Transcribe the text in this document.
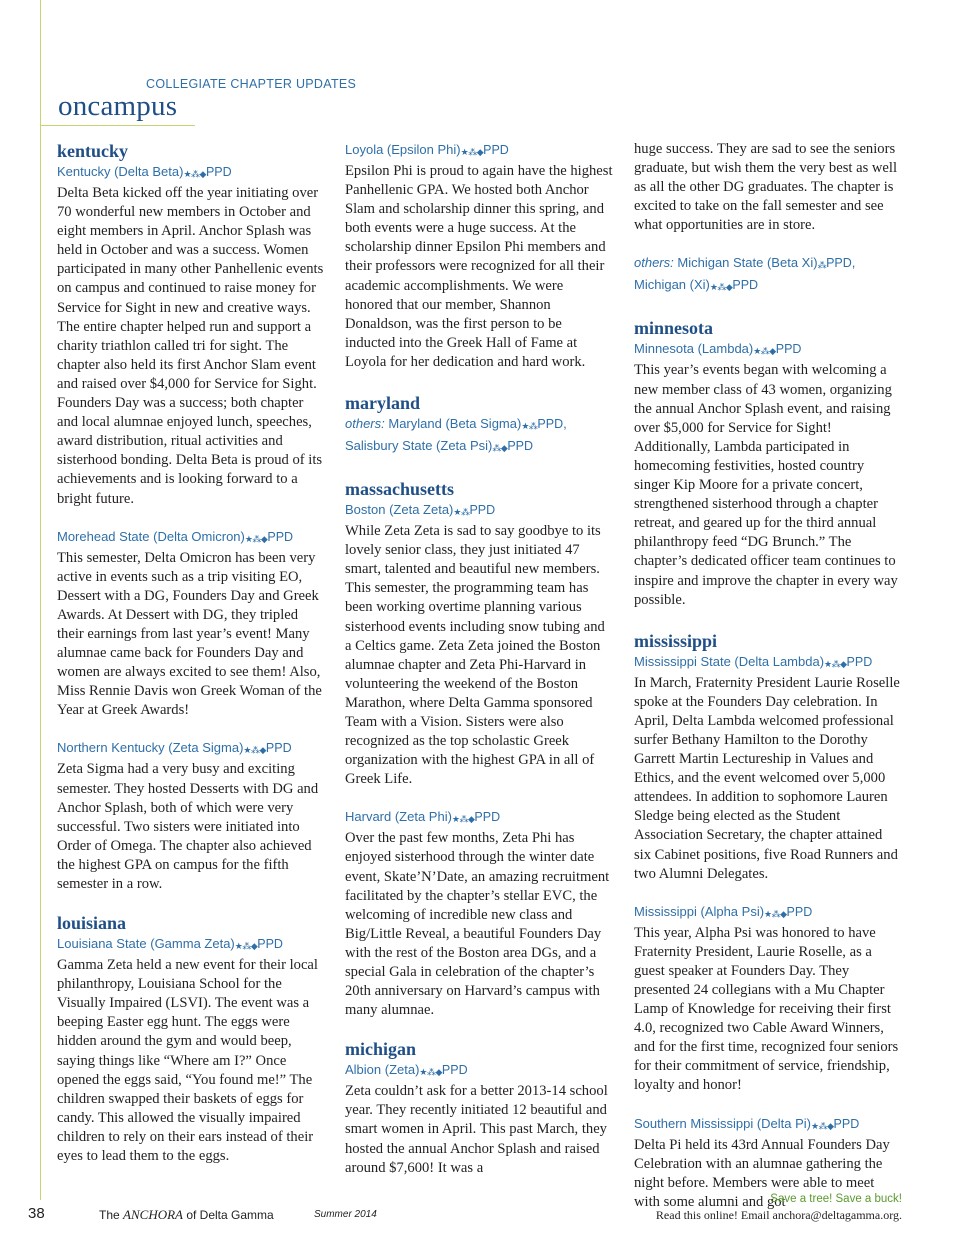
COLLEGIATE CHAPTER UPDATES
oncampus
kentucky
Kentucky (Delta Beta)★⁂◆PPD

Delta Beta kicked off the year initiating over 70 wonderful new members in October and eight members in April. Anchor Splash was held in October and was a success. Women participated in many other Panhellenic events on campus and continued to raise money for Service for Sight in new and creative ways. The entire chapter helped run and support a charity triathlon called tri for sight. The chapter also held its first Anchor Slam event and raised over $4,000 for Service for Sight. Founders Day was a success; both chapter and local alumnae enjoyed lunch, speeches, award distribution, ritual activities and sisterhood bonding. Delta Beta is proud of its achievements and is looking forward to a bright future.

Morehead State (Delta Omicron)★⁂◆PPD

This semester, Delta Omicron has been very active in events such as a trip visiting EO, Dessert with a DG, Founders Day and Greek Awards. At Dessert with DG, they tripled their earnings from last year’s event! Many alumnae came back for Founders Day and women are always excited to see them! Also, Miss Rennie Davis won Greek Woman of the Year at Greek Awards!

Northern Kentucky (Zeta Sigma)★⁂◆PPD

Zeta Sigma had a very busy and exciting semester. They hosted Desserts with DG and Anchor Splash, both of which were very successful. Two sisters were initiated into Order of Omega. The chapter also achieved the highest GPA on campus for the fifth semester in a row.

louisiana
Louisiana State (Gamma Zeta)★⁂◆PPD

Gamma Zeta held a new event for their local philanthropy, Louisiana School for the Visually Impaired (LSVI). The event was a beeping Easter egg hunt. The eggs were hidden around the gym and would beep, saying things like “Where am I?” Once opened the eggs said, “You found me!” The children swapped their baskets of eggs for candy. This allowed the visually impaired children to rely on their ears instead of their eyes to lead them to the eggs.

Loyola (Epsilon Phi)★⁂◆PPD

Epsilon Phi is proud to again have the highest Panhellenic GPA. We hosted both Anchor Slam and scholarship dinner this spring, and both events were a huge success. At the scholarship dinner Epsilon Phi members and their professors were recognized for all their academic accomplishments. We were honored that our member, Shannon Donaldson, was the first person to be inducted into the Greek Hall of Fame at Loyola for her dedication and hard work.

maryland
others: Maryland (Beta Sigma)★⁂PPD,
Salisbury State (Zeta Psi)⁂◆PPD
massachusetts
Boston (Zeta Zeta)★⁂PPD

While Zeta Zeta is sad to say goodbye to its lovely senior class, they just initiated 47 smart, talented and beautiful new members. This semester, the programming team has been working overtime planning various sisterhood events including snow tubing and a Celtics game. Zeta Zeta joined the Boston alumnae chapter and Zeta Phi-Harvard in volunteering the weekend of the Boston Marathon, where Delta Gamma sponsored Team with a Vision. Sisters were also recognized as the top scholastic Greek organization with the highest GPA in all of Greek Life.

Harvard (Zeta Phi)★⁂◆PPD

Over the past few months, Zeta Phi has enjoyed sisterhood through the winter date event, Skate’N’Date, an amazing recruitment facilitated by the chapter’s stellar EVC, the welcoming of incredible new class and Big/Little Reveal, a beautiful Founders Day with the rest of the Boston area DGs, and a special Gala in celebration of the chapter’s 20th anniversary on Harvard’s campus with many alumnae.

michigan
Albion (Zeta)★⁂◆PPD

Zeta couldn’t ask for a better 2013-14 school year. They recently initiated 12 beautiful and smart women in April. This past March, they hosted the annual Anchor Splash and raised around $7,600! It was a

huge success. They are sad to see the seniors graduate, but wish them the very best as well as all the other DG graduates. The chapter is excited to take on the fall semester and see what opportunities are in store.

others: Michigan State (Beta Xi)⁂PPD,
Michigan (Xi)★⁂◆PPD
minnesota
Minnesota (Lambda)★⁂◆PPD

This year’s events began with welcoming a new member class of 43 women, organizing the annual Anchor Splash event, and raising over $5,000 for Service for Sight! Additionally, Lambda participated in homecoming festivities, hosted country singer Kip Moore for a private concert, strengthened sisterhood through a chapter retreat, and geared up for the third annual philanthropy feed “DG Brunch.” The chapter’s dedicated officer team continues to inspire and improve the chapter in every way possible.

mississippi
Mississippi State (Delta Lambda)★⁂◆PPD

In March, Fraternity President Laurie Roselle spoke at the Founders Day celebration. In April, Delta Lambda welcomed professional surfer Bethany Hamilton to the Dorothy Garrett Martin Lectureship in Values and Ethics, and the event welcomed over 5,000 attendees. In addition to sophomore Lauren Sledge being elected as the Student Association Secretary, the chapter attained six Cabinet positions, five Road Runners and two Alumni Delegates.

Mississippi (Alpha Psi)★⁂◆PPD

This year, Alpha Psi was honored to have Fraternity President, Laurie Roselle, as a guest speaker at Founders Day. They presented 24 collegians with a Mu Chapter Lamp of Knowledge for receiving their first 4.0, recognized two Cable Award Winners, and for the first time, recognized four seniors for their commitment of service, friendship, loyalty and honor!

Southern Mississippi (Delta Pi)★⁂◆PPD

Delta Pi held its 43rd Annual Founders Day Celebration with an alumnae gathering the night before. Members were able to meet with some alumni and got

38	The ANCHORA of Delta Gamma	Summer 2014
Save a tree! Save a buck!
Read this online! Email anchora@deltagamma.org.
